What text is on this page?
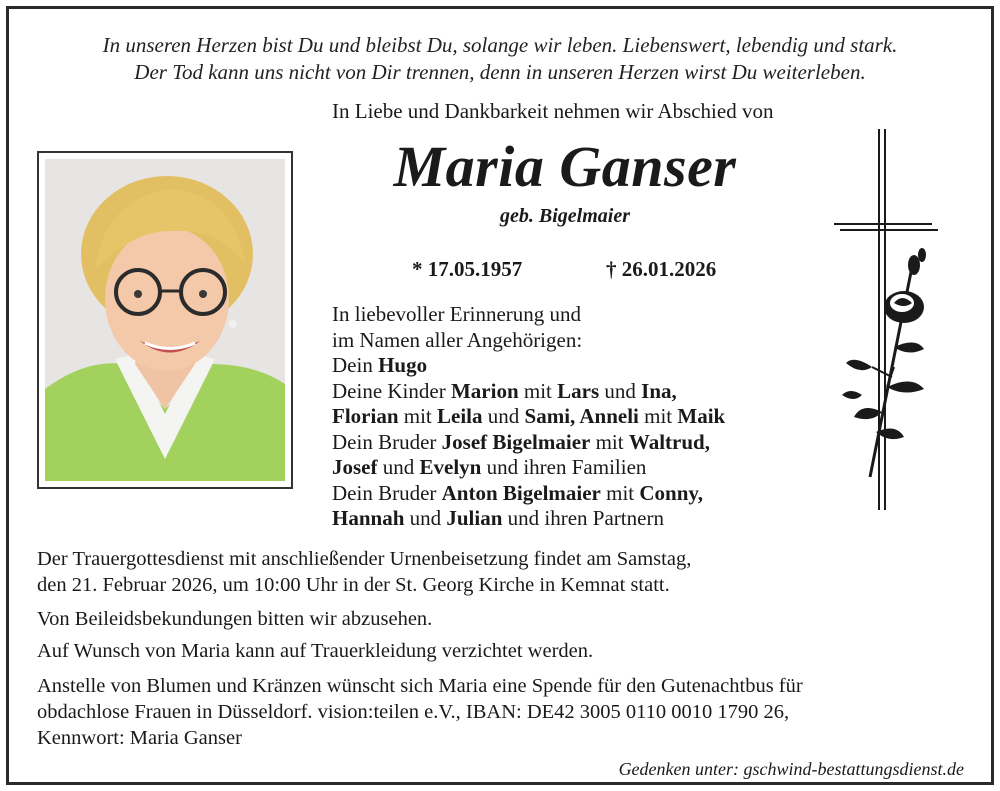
In unseren Herzen bist Du und bleibst Du, solange wir leben. Liebenswert, lebendig und stark.
Der Tod kann uns nicht von Dir trennen, denn in unseren Herzen wirst Du weiterleben.
In Liebe und Dankbarkeit nehmen wir Abschied von
Maria Ganser
geb. Bigelmaier
* 17.05.1957	† 26.01.2026
In liebevoller Erinnerung und
im Namen aller Angehörigen:
Dein Hugo
Deine Kinder Marion mit Lars und Ina,
Florian mit Leila und Sami, Anneli mit Maik
Dein Bruder Josef Bigelmaier mit Waltrud,
Josef und Evelyn und ihren Familien
Dein Bruder Anton Bigelmaier mit Conny,
Hannah und Julian und ihren Partnern
Der Trauergottesdienst mit anschließender Urnenbeisetzung findet am Samstag,
den 21. Februar 2026, um 10:00 Uhr in der St. Georg Kirche in Kemnat statt.
Von Beileidsbekundungen bitten wir abzusehen.
Auf Wunsch von Maria kann auf Trauerkleidung verzichtet werden.
Anstelle von Blumen und Kränzen wünscht sich Maria eine Spende für den Gutenachtbus für
obdachlose Frauen in Düsseldorf. vision:teilen e.V., IBAN: DE42 3005 0110 0010 1790 26,
Kennwort: Maria Ganser
Gedenken unter: gschwind-bestattungsdienst.de
